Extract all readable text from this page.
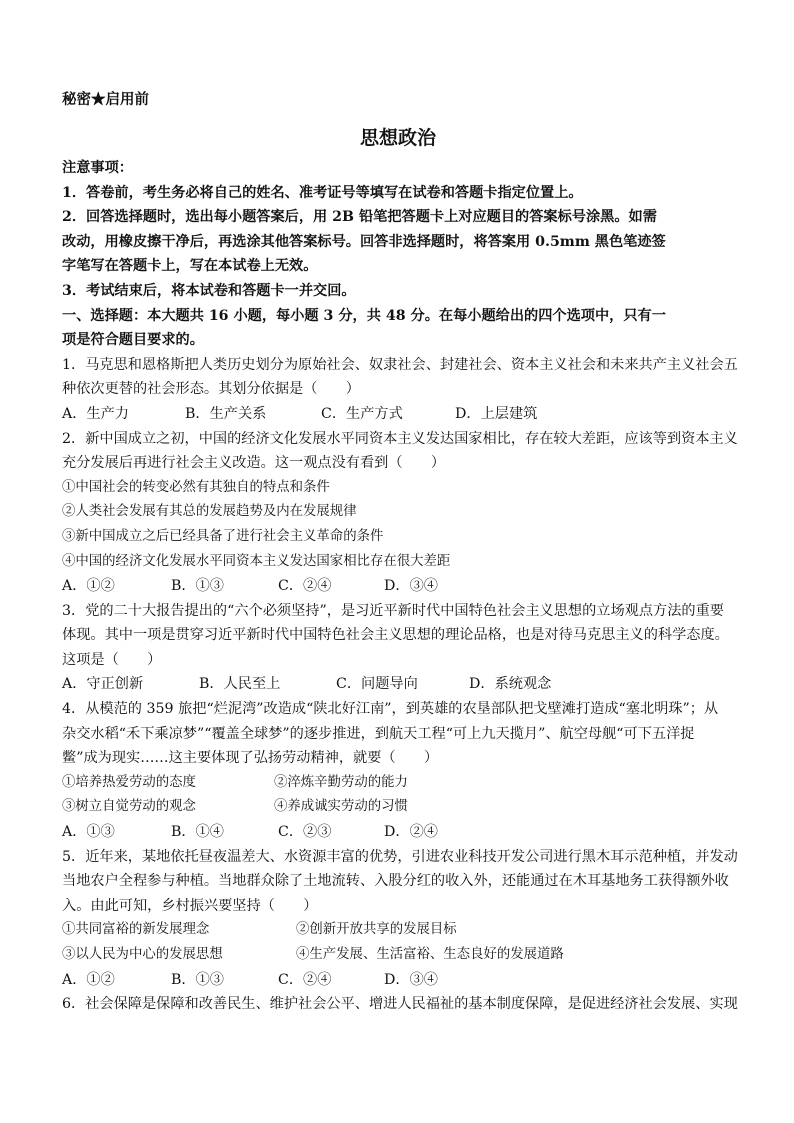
秘密★启用前
思想政治
注意事项：
1．答卷前，考生务必将自己的姓名、准考证号等填写在试卷和答题卡指定位置上。
2．回答选择题时，选出每小题答案后，用 2B 铅笔把答题卡上对应题目的答案标号涂黑。如需
改动，用橡皮擦干净后，再选涂其他答案标号。回答非选择题时，将答案用 0.5mm 黑色笔迹签
字笔写在答题卡上，写在本试卷上无效。
3．考试结束后，将本试卷和答题卡一并交回。
一、选择题：本大题共 16 小题，每小题 3 分，共 48 分。在每小题给出的四个选项中，只有一
项是符合题目要求的。
1．马克思和恩格斯把人类历史划分为原始社会、奴隶社会、封建社会、资本主义社会和未来共产主义社会五
种依次更替的社会形态。其划分依据是（　　）
A．生产力	B．生产关系	C．生产方式	D．上层建筑
2．新中国成立之初，中国的经济文化发展水平同资本主义发达国家相比，存在较大差距，应该等到资本主义
充分发展后再进行社会主义改造。这一观点没有看到（　　）
①中国社会的转变必然有其独自的特点和条件
②人类社会发展有其总的发展趋势及内在发展规律
③新中国成立之后已经具备了进行社会主义革命的条件
④中国的经济文化发展水平同资本主义发达国家相比存在很大差距
A．①②	B．①③	C．②④	D．③④
3．党的二十大报告提出的“六个必须坚持”，是习近平新时代中国特色社会主义思想的立场观点方法的重要
体现。其中一项是贯穿习近平新时代中国特色社会主义思想的理论品格，也是对待马克思主义的科学态度。
这项是（　　）
A．守正创新	B．人民至上	C．问题导向	D．系统观念
4．从模范的 359 旅把“烂泥湾”改造成“陕北好江南”，到英雄的农垦部队把戈壁滩打造成“塞北明珠”；从
杂交水稻“禾下乘凉梦”“覆盖全球梦”的逐步推进，到航天工程“可上九天揽月”、航空母舰“可下五洋捉
鳖”成为现实……这主要体现了弘扬劳动精神，就要（　　）
①培养热爱劳动的态度	②淬炼辛勤劳动的能力
③树立自觉劳动的观念	④养成诚实劳动的习惯
A．①③	B．①④	C．②③	D．②④
5．近年来，某地依托昼夜温差大、水资源丰富的优势，引进农业科技开发公司进行黑木耳示范种植，并发动
当地农户全程参与种植。当地群众除了土地流转、入股分红的收入外，还能通过在木耳基地务工获得额外收
入。由此可知，乡村振兴要坚持（　　）
①共同富裕的新发展理念	②创新开放共享的发展目标
③以人民为中心的发展思想	④生产发展、生活富裕、生态良好的发展道路
A．①②	B．①③	C．②④	D．③④
6．社会保障是保障和改善民生、维护社会公平、增进人民福祉的基本制度保障，是促进经济社会发展、实现
